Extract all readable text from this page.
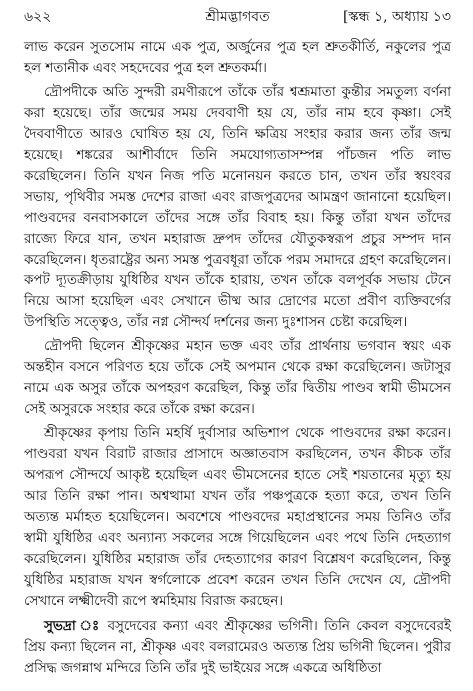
৬২২	শ্রীমদ্ভাগবত	[স্কন্ধ ১, অধ্যায় ১৩

লাভ করেন সুতসোম নামে এক পুত্র, অর্জুনের পুত্র হল শ্রুতকীর্তি, নকুলের পুত্র হল শতানীক এবং সহদেবের পুত্র হল শ্রুতকর্মা।

দ্রৌপদীকে অতি সুন্দরী রমণীরূপে তাঁকে তাঁর শ্বশ্রূমাতা কুন্তীর সমতুল্য বর্ণনা করা হয়েছে। তাঁর জন্মের সময় দেববাণী হয় যে, তাঁর নাম হবে কৃষ্ণা। সেই দৈববাণীতে আরও ঘোষিত হয় যে, তিনি ক্ষত্রিয় সংহার করার জন্য তাঁর জন্ম হয়েছে। শঙ্করের আশীর্বাদে তিনি সমযোগ্যতাসম্পন্ন পাঁচজন পতি লাভ করেছিলেন। তিনি যখন নিজ পতি মনোনয়ন করতে চান, তখন তাঁর স্বয়ংবর সভায়, পৃথিবীর সমস্ত দেশের রাজা এবং রাজপুত্রদের আমন্ত্রণ জানানো হয়েছিল। পাণ্ডবদের বনবাসকালে তাঁদের সঙ্গে তাঁর বিবাহ হয়। কিন্তু তাঁরা যখন তাঁদের রাজ্যে ফিরে যান, তখন মহারাজ দ্রুপদ তাঁদের যৌতুকস্বরূপ প্রচুর সম্পদ দান করেছিলেন। ধৃতরাষ্ট্রের অন্য সমস্ত পুত্রবধূরা তাঁকে পরম সমাদরে গ্রহণ করেছিলেন। কপট দ্যূতক্রীড়ায় যুধিষ্ঠির যখন তাঁকে হারায়, তখন তাঁকে বলপূর্বক সভায় টেনে নিয়ে আসা হয়েছিল এবং সেখানে ভীষ্ম আর দ্রোণের মতো প্রবীণ ব্যক্তিবর্গের উপস্থিতি সত্ত্বেও, তাঁর নগ্ন সৌন্দর্য দর্শনের জন্য দুঃশাসন চেষ্টা করেছিল।

দ্রৌপদী ছিলেন শ্রীকৃষ্ণের মহান ভক্ত এবং তাঁর প্রার্থনায় ভগবান স্বয়ং এক অন্তহীন বসনে পরিণত হয়ে তাঁকে সেই অপমান থেকে রক্ষা করেছিলেন। জটাসুর নামে এক অসুর তাঁকে অপহরণ করেছিল, কিন্তু তাঁর দ্বিতীয় পাণ্ডব স্বামী ভীমসেন সেই অসুরকে সংহার করে তাঁকে রক্ষা করেন।

শ্রীকৃষ্ণের কৃপায় তিনি মহর্ষি দুর্বাসার অভিশাপ থেকে পাণ্ডবদের রক্ষা করেন। পাণ্ডবরা যখন বিরাট রাজার প্রাসাদে অজ্ঞাতবাস করছিলেন, তখন কীচক তাঁর অপরূপ সৌন্দর্যে আকৃষ্ট হয়েছিল এবং ভীমসেনের হাতে সেই শয়তানের মৃত্যু হয় আর তিনি রক্ষা পান। অশ্বত্থামা যখন তাঁর পঞ্চপুত্রকে হত্যা করে, তখন তিনি অত্যন্ত মর্মাহত হয়েছিলেন। অবশেষে পাণ্ডবদের মহাপ্রস্থানের সময় তিনিও তাঁর স্বামী যুধিষ্ঠির এবং অন্যান্য সকলের সঙ্গে গিয়েছিলেন এবং পথে তিনি দেহত্যাগ করেছিলেন। যুধিষ্ঠির মহারাজ তাঁর দেহত্যাগের কারণ বিশ্লেষণ করেছিলেন, কিন্তু যুধিষ্ঠির মহারাজ যখন স্বর্গলোকে প্রবেশ করেন তখন তিনি দেখেন যে, দ্রৌপদী সেখানে লক্ষ্মীদেবী রূপে স্বমহিমায় বিরাজ করছেন।

সুভদ্রা ঃ বসুদেবের কন্যা এবং শ্রীকৃষ্ণের ভগিনী। তিনি কেবল বসুদেবেরই প্রিয় কন্যা ছিলেন না, শ্রীকৃষ্ণ এবং বলরামেরও অত্যন্ত প্রিয় ভগিনী ছিলেন। পুরীর প্রসিদ্ধ জগন্নাথ মন্দিরে তিনি তাঁর দুই ভাইয়ের সঙ্গে একত্রে অধিষ্ঠিতা
